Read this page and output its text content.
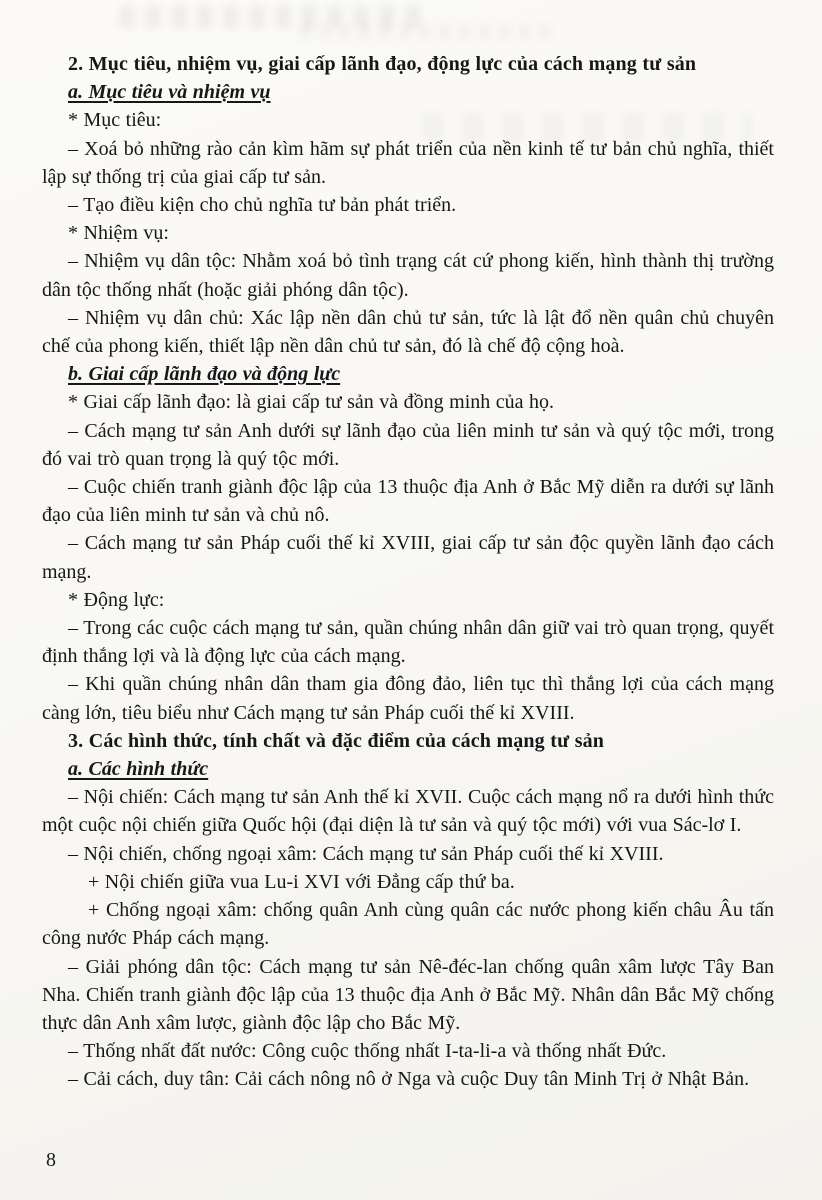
2. Mục tiêu, nhiệm vụ, giai cấp lãnh đạo, động lực của cách mạng tư sản

a. Mục tiêu và nhiệm vụ

* Mục tiêu:

– Xoá bỏ những rào cản kìm hãm sự phát triển của nền kinh tế tư bản chủ nghĩa, thiết lập sự thống trị của giai cấp tư sản.

– Tạo điều kiện cho chủ nghĩa tư bản phát triển.

* Nhiệm vụ:

– Nhiệm vụ dân tộc: Nhằm xoá bỏ tình trạng cát cứ phong kiến, hình thành thị trường dân tộc thống nhất (hoặc giải phóng dân tộc).

– Nhiệm vụ dân chủ: Xác lập nền dân chủ tư sản, tức là lật đổ nền quân chủ chuyên chế của phong kiến, thiết lập nền dân chủ tư sản, đó là chế độ cộng hoà.

b. Giai cấp lãnh đạo và động lực

* Giai cấp lãnh đạo: là giai cấp tư sản và đồng minh của họ.

– Cách mạng tư sản Anh dưới sự lãnh đạo của liên minh tư sản và quý tộc mới, trong đó vai trò quan trọng là quý tộc mới.

– Cuộc chiến tranh giành độc lập của 13 thuộc địa Anh ở Bắc Mỹ diễn ra dưới sự lãnh đạo của liên minh tư sản và chủ nô.

– Cách mạng tư sản Pháp cuối thế kỉ XVIII, giai cấp tư sản độc quyền lãnh đạo cách mạng.

* Động lực:

– Trong các cuộc cách mạng tư sản, quần chúng nhân dân giữ vai trò quan trọng, quyết định thắng lợi và là động lực của cách mạng.

– Khi quần chúng nhân dân tham gia đông đảo, liên tục thì thắng lợi của cách mạng càng lớn, tiêu biểu như Cách mạng tư sản Pháp cuối thế kỉ XVIII.

3. Các hình thức, tính chất và đặc điểm của cách mạng tư sản

a. Các hình thức

– Nội chiến: Cách mạng tư sản Anh thế kỉ XVII. Cuộc cách mạng nổ ra dưới hình thức một cuộc nội chiến giữa Quốc hội (đại diện là tư sản và quý tộc mới) với vua Sác-lơ I.

– Nội chiến, chống ngoại xâm: Cách mạng tư sản Pháp cuối thế kỉ XVIII.

+ Nội chiến giữa vua Lu-i XVI với Đẳng cấp thứ ba.

+ Chống ngoại xâm: chống quân Anh cùng quân các nước phong kiến châu Âu tấn công nước Pháp cách mạng.

– Giải phóng dân tộc: Cách mạng tư sản Nê-đéc-lan chống quân xâm lược Tây Ban Nha. Chiến tranh giành độc lập của 13 thuộc địa Anh ở Bắc Mỹ. Nhân dân Bắc Mỹ chống thực dân Anh xâm lược, giành độc lập cho Bắc Mỹ.

– Thống nhất đất nước: Công cuộc thống nhất I-ta-li-a và thống nhất Đức.

– Cải cách, duy tân: Cải cách nông nô ở Nga và cuộc Duy tân Minh Trị ở Nhật Bản.

8
